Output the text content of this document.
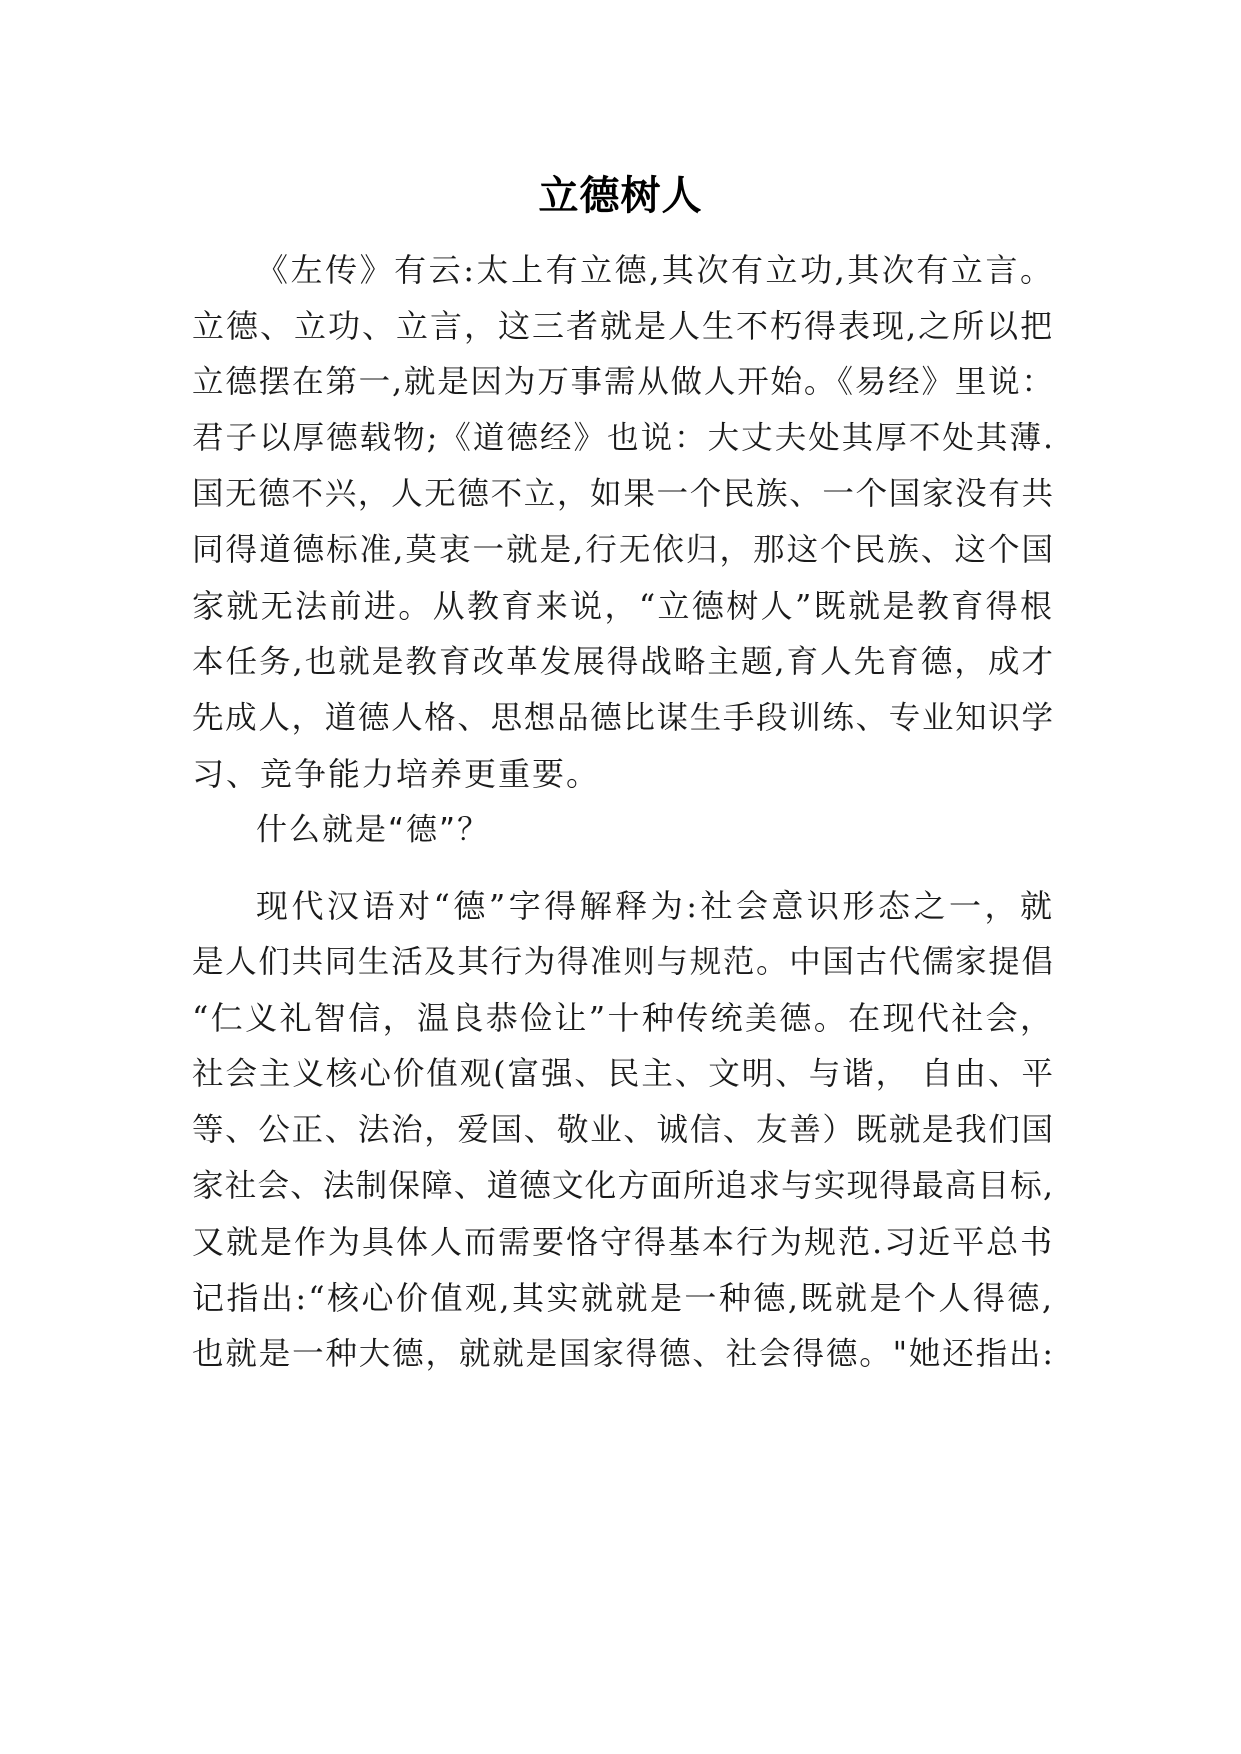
立德树人
《左传》有云:太上有立德,其次有立功,其次有立言。
立德、立功、立言，这三者就是人生不朽得表现,之所以把
立德摆在第一,就是因为万事需从做人开始。《易经》里说：
君子以厚德载物;《道德经》也说：大丈夫处其厚不处其薄.
国无德不兴，人无德不立，如果一个民族、一个国家没有共
同得道德标准,莫衷一就是,行无依归，那这个民族、这个国
家就无法前进。从教育来说，“立德树人”既就是教育得根
本任务,也就是教育改革发展得战略主题,育人先育德，成才
先成人，道德人格、思想品德比谋生手段训练、专业知识学
习、竞争能力培养更重要。
什么就是“德”？
现代汉语对“德”字得解释为:社会意识形态之一，就
是人们共同生活及其行为得准则与规范。中国古代儒家提倡
“仁义礼智信，温良恭俭让”十种传统美德。在现代社会，
社会主义核心价值观(富强、民主、文明、与谐， 自由、平
等、公正、法治，爱国、敬业、诚信、友善）既就是我们国
家社会、法制保障、道德文化方面所追求与实现得最高目标,
又就是作为具体人而需要恪守得基本行为规范.习近平总书
记指出:“核心价值观,其实就就是一种德,既就是个人得德,
也就是一种大德，就就是国家得德、社会得德。"她还指出:
